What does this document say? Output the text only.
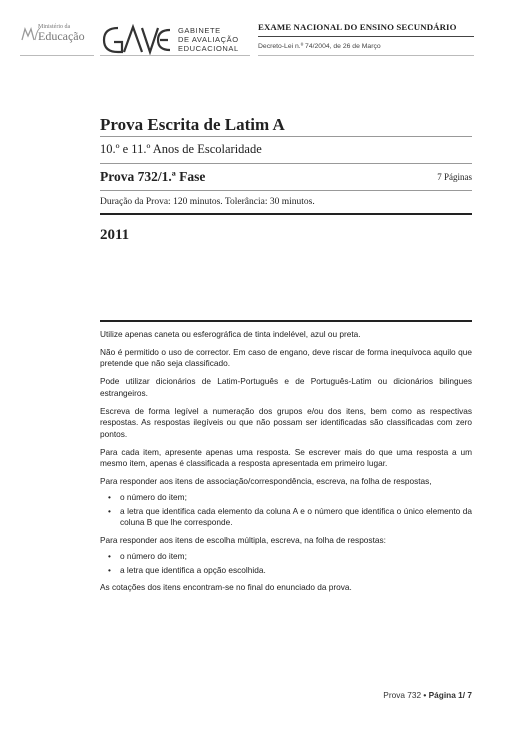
Ministério da
Educação	GABINETE
DE AVALIAÇÃO
EDUCACIONAL
EXAME NACIONAL DO ENSINO SECUNDÁRIO
Decreto-Lei n.º 74/2004, de 26 de Março
Prova Escrita de Latim A
10.º e 11.º Anos de Escolaridade
Prova 732/1.ª Fase	7 Páginas
Duração da Prova: 120 minutos. Tolerância: 30 minutos.
2011

Utilize apenas caneta ou esferográfica de tinta indelével, azul ou preta.

Não é permitido o uso de corrector. Em caso de engano, deve riscar de forma inequívoca aquilo que pretende que não seja classificado.

Pode utilizar dicionários de Latim-Português e de Português-Latim ou dicionários bilingues estrangeiros.

Escreva de forma legível a numeração dos grupos e/ou dos itens, bem como as respectivas respostas. As respostas ilegíveis ou que não possam ser identificadas são classificadas com zero pontos.

Para cada item, apresente apenas uma resposta. Se escrever mais do que uma resposta a um mesmo item, apenas é classificada a resposta apresentada em primeiro lugar.

Para responder aos itens de associação/correspondência, escreva, na folha de respostas,

• o número do item;
• a letra que identifica cada elemento da coluna A e o número que identifica o único elemento da coluna B que lhe corresponde.

Para responder aos itens de escolha múltipla, escreva, na folha de respostas:

• o número do item;
• a letra que identifica a opção escolhida.

As cotações dos itens encontram-se no final do enunciado da prova.

Prova 732 • Página 1/ 7
